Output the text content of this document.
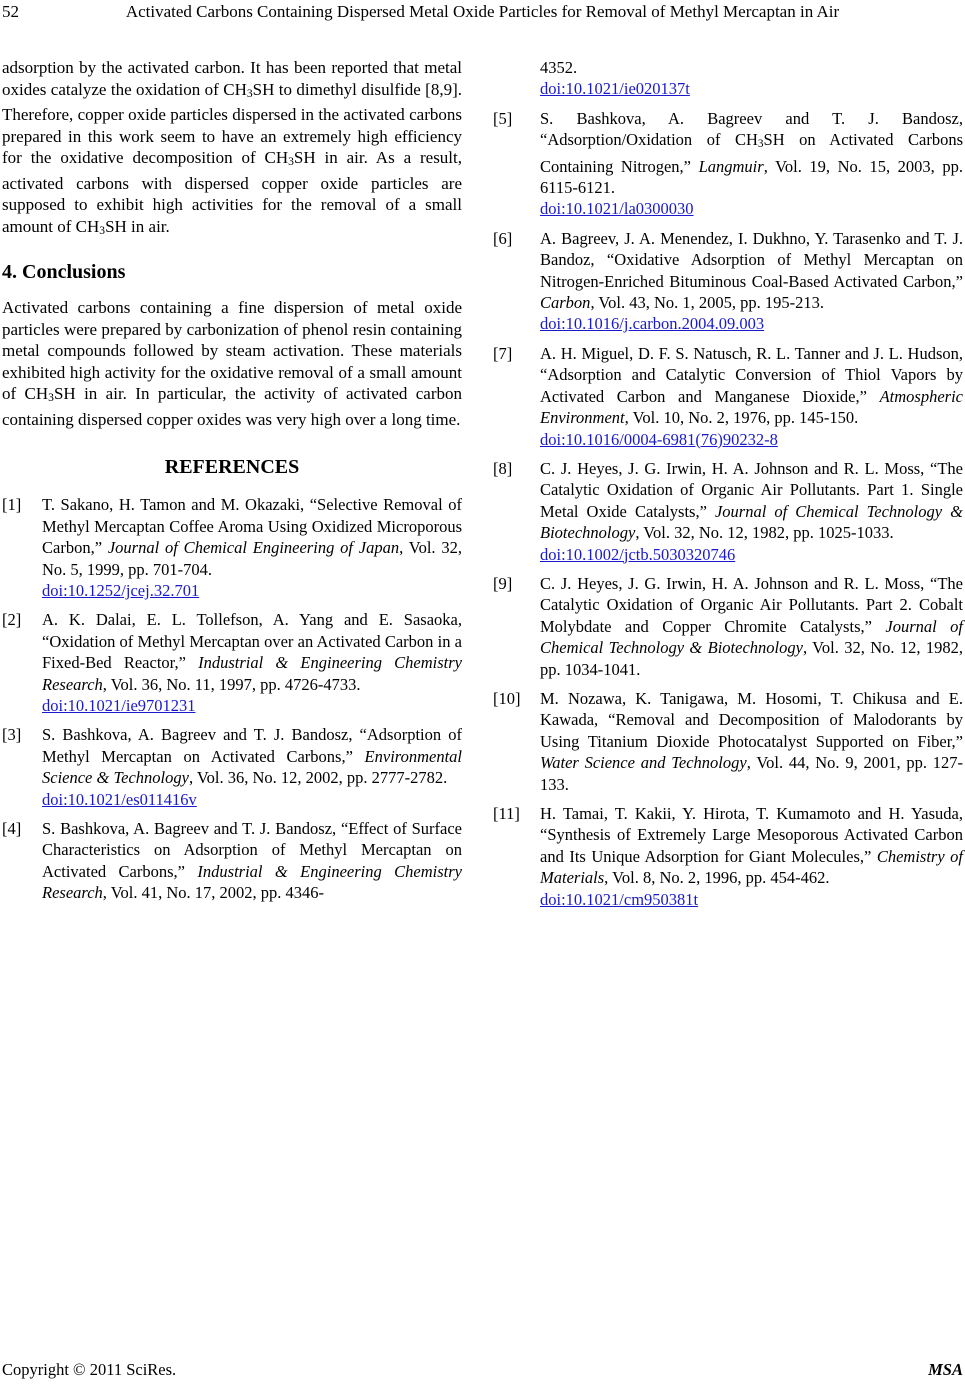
52	Activated Carbons Containing Dispersed Metal Oxide Particles for Removal of Methyl Mercaptan in Air

adsorption by the activated carbon. It has been reported that metal oxides catalyze the oxidation of CH3SH to dimethyl disulfide [8,9]. Therefore, copper oxide particles dispersed in the activated carbons prepared in this work seem to have an extremely high efficiency for the oxidative decomposition of CH3SH in air. As a result, activated carbons with dispersed copper oxide particles are supposed to exhibit high activities for the removal of a small amount of CH3SH in air.

4. Conclusions

Activated carbons containing a fine dispersion of metal oxide particles were prepared by carbonization of phenol resin containing metal compounds followed by steam activation. These materials exhibited high activity for the oxidative removal of a small amount of CH3SH in air. In particular, the activity of activated carbon containing dispersed copper oxides was very high over a long time.

REFERENCES
[1]	T. Sakano, H. Tamon and M. Okazaki, “Selective Removal of Methyl Mercaptan Coffee Aroma Using Oxidized Microporous Carbon,” Journal of Chemical Engineering of Japan, Vol. 32, No. 5, 1999, pp. 701-704.
doi:10.1252/jcej.32.701
[2]	A. K. Dalai, E. L. Tollefson, A. Yang and E. Sasaoka, “Oxidation of Methyl Mercaptan over an Activated Carbon in a Fixed-Bed Reactor,” Industrial & Engineering Chemistry Research, Vol. 36, No. 11, 1997, pp. 4726-4733.
doi:10.1021/ie9701231
[3]	S. Bashkova, A. Bagreev and T. J. Bandosz, “Adsorption of Methyl Mercaptan on Activated Carbons,” Environmental Science & Technology, Vol. 36, No. 12, 2002, pp. 2777-2782.
doi:10.1021/es011416v
[4]	S. Bashkova, A. Bagreev and T. J. Bandosz, “Effect of Surface Characteristics on Adsorption of Methyl Mercaptan on Activated Carbons,” Industrial & Engineering Chemistry Research, Vol. 41, No. 17, 2002, pp. 4346-
4352.
doi:10.1021/ie020137t
[5]	S. Bashkova, A. Bagreev and T. J. Bandosz, “Adsorption/Oxidation of CH3SH on Activated Carbons Containing Nitrogen,” Langmuir, Vol. 19, No. 15, 2003, pp. 6115-6121.
doi:10.1021/la0300030
[6]	A. Bagreev, J. A. Menendez, I. Dukhno, Y. Tarasenko and T. J. Bandoz, “Oxidative Adsorption of Methyl Mercaptan on Nitrogen-Enriched Bituminous Coal-Based Activated Carbon,” Carbon, Vol. 43, No. 1, 2005, pp. 195-213.
doi:10.1016/j.carbon.2004.09.003
[7]	A. H. Miguel, D. F. S. Natusch, R. L. Tanner and J. L. Hudson, “Adsorption and Catalytic Conversion of Thiol Vapors by Activated Carbon and Manganese Dioxide,” Atmospheric Environment, Vol. 10, No. 2, 1976, pp. 145-150.
doi:10.1016/0004-6981(76)90232-8
[8]	C. J. Heyes, J. G. Irwin, H. A. Johnson and R. L. Moss, “The Catalytic Oxidation of Organic Air Pollutants. Part 1. Single Metal Oxide Catalysts,” Journal of Chemical Technology & Biotechnology, Vol. 32, No. 12, 1982, pp. 1025-1033.
doi:10.1002/jctb.5030320746
[9]	C. J. Heyes, J. G. Irwin, H. A. Johnson and R. L. Moss, “The Catalytic Oxidation of Organic Air Pollutants. Part 2. Cobalt Molybdate and Copper Chromite Catalysts,” Journal of Chemical Technology & Biotechnology, Vol. 32, No. 12, 1982, pp. 1034-1041.
[10]	M. Nozawa, K. Tanigawa, M. Hosomi, T. Chikusa and E. Kawada, “Removal and Decomposition of Malodorants by Using Titanium Dioxide Photocatalyst Supported on Fiber,” Water Science and Technology, Vol. 44, No. 9, 2001, pp. 127-133.
[11]	H. Tamai, T. Kakii, Y. Hirota, T. Kumamoto and H. Yasuda, “Synthesis of Extremely Large Mesoporous Activated Carbon and Its Unique Adsorption for Giant Molecules,” Chemistry of Materials, Vol. 8, No. 2, 1996, pp. 454-462.
doi:10.1021/cm950381t
Copyright © 2011 SciRes.	MSA
